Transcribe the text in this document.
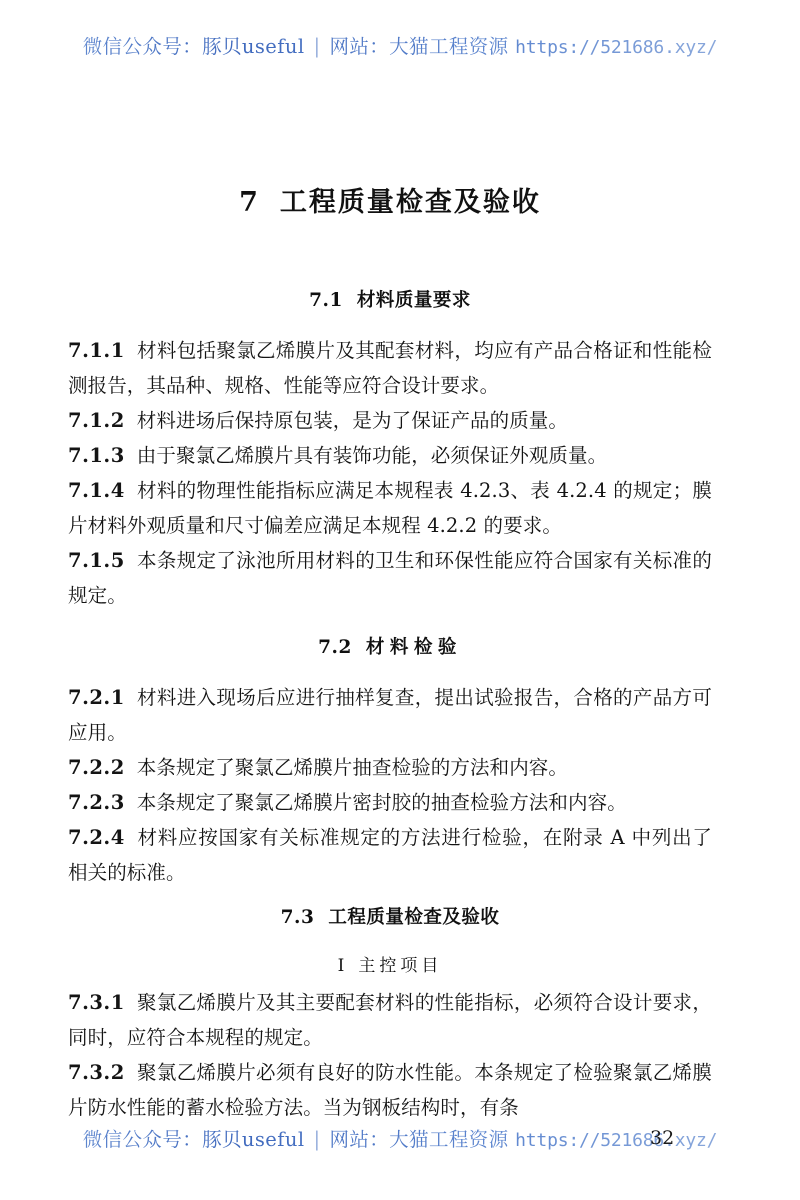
微信公众号：豚贝useful | 网站：大猫工程资源 https://521686.xyz/
7 工程质量检查及验收
7.1 材料质量要求

7.1.1 材料包括聚氯乙烯膜片及其配套材料，均应有产品合格证和性能检测报告，其品种、规格、性能等应符合设计要求。

7.1.2 材料进场后保持原包装，是为了保证产品的质量。

7.1.3 由于聚氯乙烯膜片具有装饰功能，必须保证外观质量。

7.1.4 材料的物理性能指标应满足本规程表 4.2.3、表 4.2.4 的规定；膜片材料外观质量和尺寸偏差应满足本规程 4.2.2 的要求。

7.1.5 本条规定了泳池所用材料的卫生和环保性能应符合国家有关标准的规定。

7.2 材料检验

7.2.1 材料进入现场后应进行抽样复查，提出试验报告，合格的产品方可应用。

7.2.2 本条规定了聚氯乙烯膜片抽查检验的方法和内容。

7.2.3 本条规定了聚氯乙烯膜片密封胶的抽查检验方法和内容。

7.2.4 材料应按国家有关标准规定的方法进行检验，在附录 A 中列出了相关的标准。

7.3 工程质量检查及验收
Ⅰ 主控项目

7.3.1 聚氯乙烯膜片及其主要配套材料的性能指标，必须符合设计要求，同时，应符合本规程的规定。

7.3.2 聚氯乙烯膜片必须有良好的防水性能。本条规定了检验聚氯乙烯膜片防水性能的蓄水检验方法。当为钢板结构时，有条

32
微信公众号：豚贝useful | 网站：大猫工程资源 https://521686.xyz/
